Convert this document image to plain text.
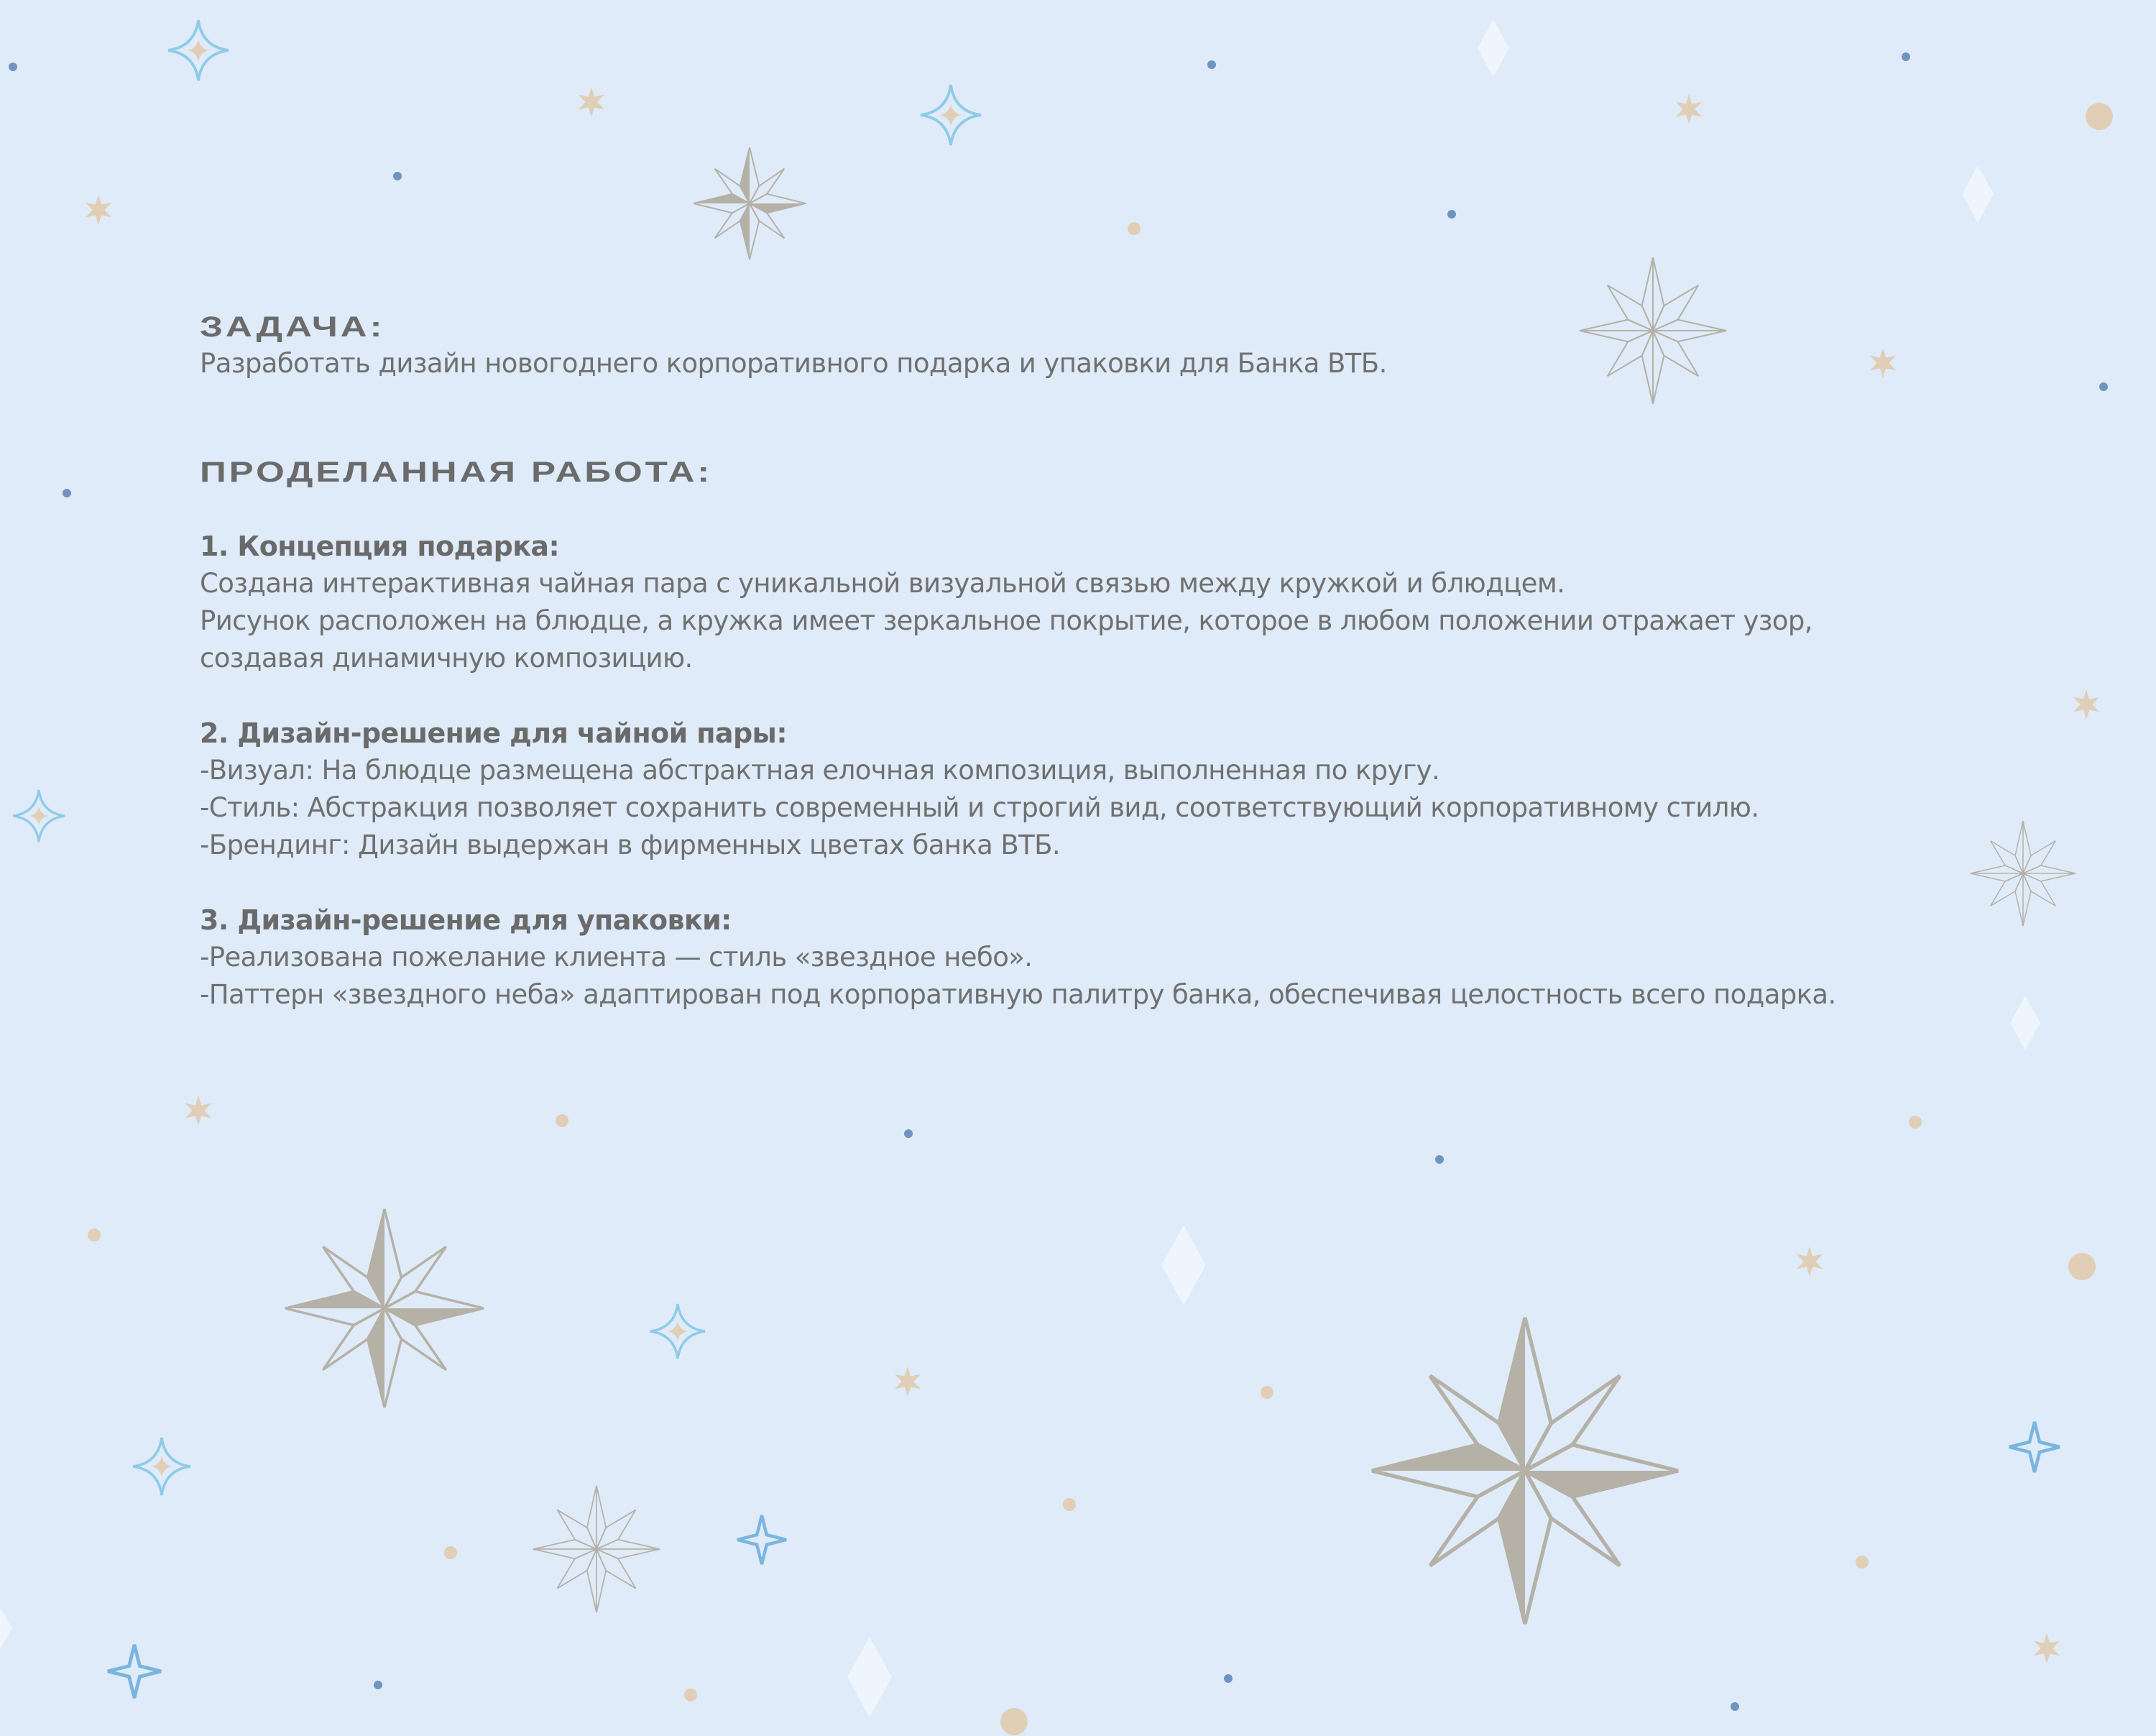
ЗАДАЧА:
Разработать дизайн новогоднего корпоративного подарка и упаковки для Банка ВТБ.
ПРОДЕЛАННАЯ РАБОТА:
1. Концепция подарка:
Создана интерактивная чайная пара с уникальной визуальной связью между кружкой и блюдцем.
Рисунок расположен на блюдце, а кружка имеет зеркальное покрытие, которое в любом положении отражает узор,
создавая динамичную композицию.
2. Дизайн-решение для чайной пары:
-Визуал: На блюдце размещена абстрактная елочная композиция, выполненная по кругу.
-Стиль: Абстракция позволяет сохранить современный и строгий вид, соответствующий корпоративному стилю.
-Брендинг: Дизайн выдержан в фирменных цветах банка ВТБ.
3. Дизайн-решение для упаковки:
-Реализована пожелание клиента — стиль «звездное небо».
-Паттерн «звездного неба» адаптирован под корпоративную палитру банка, обеспечивая целостность всего подарка.
